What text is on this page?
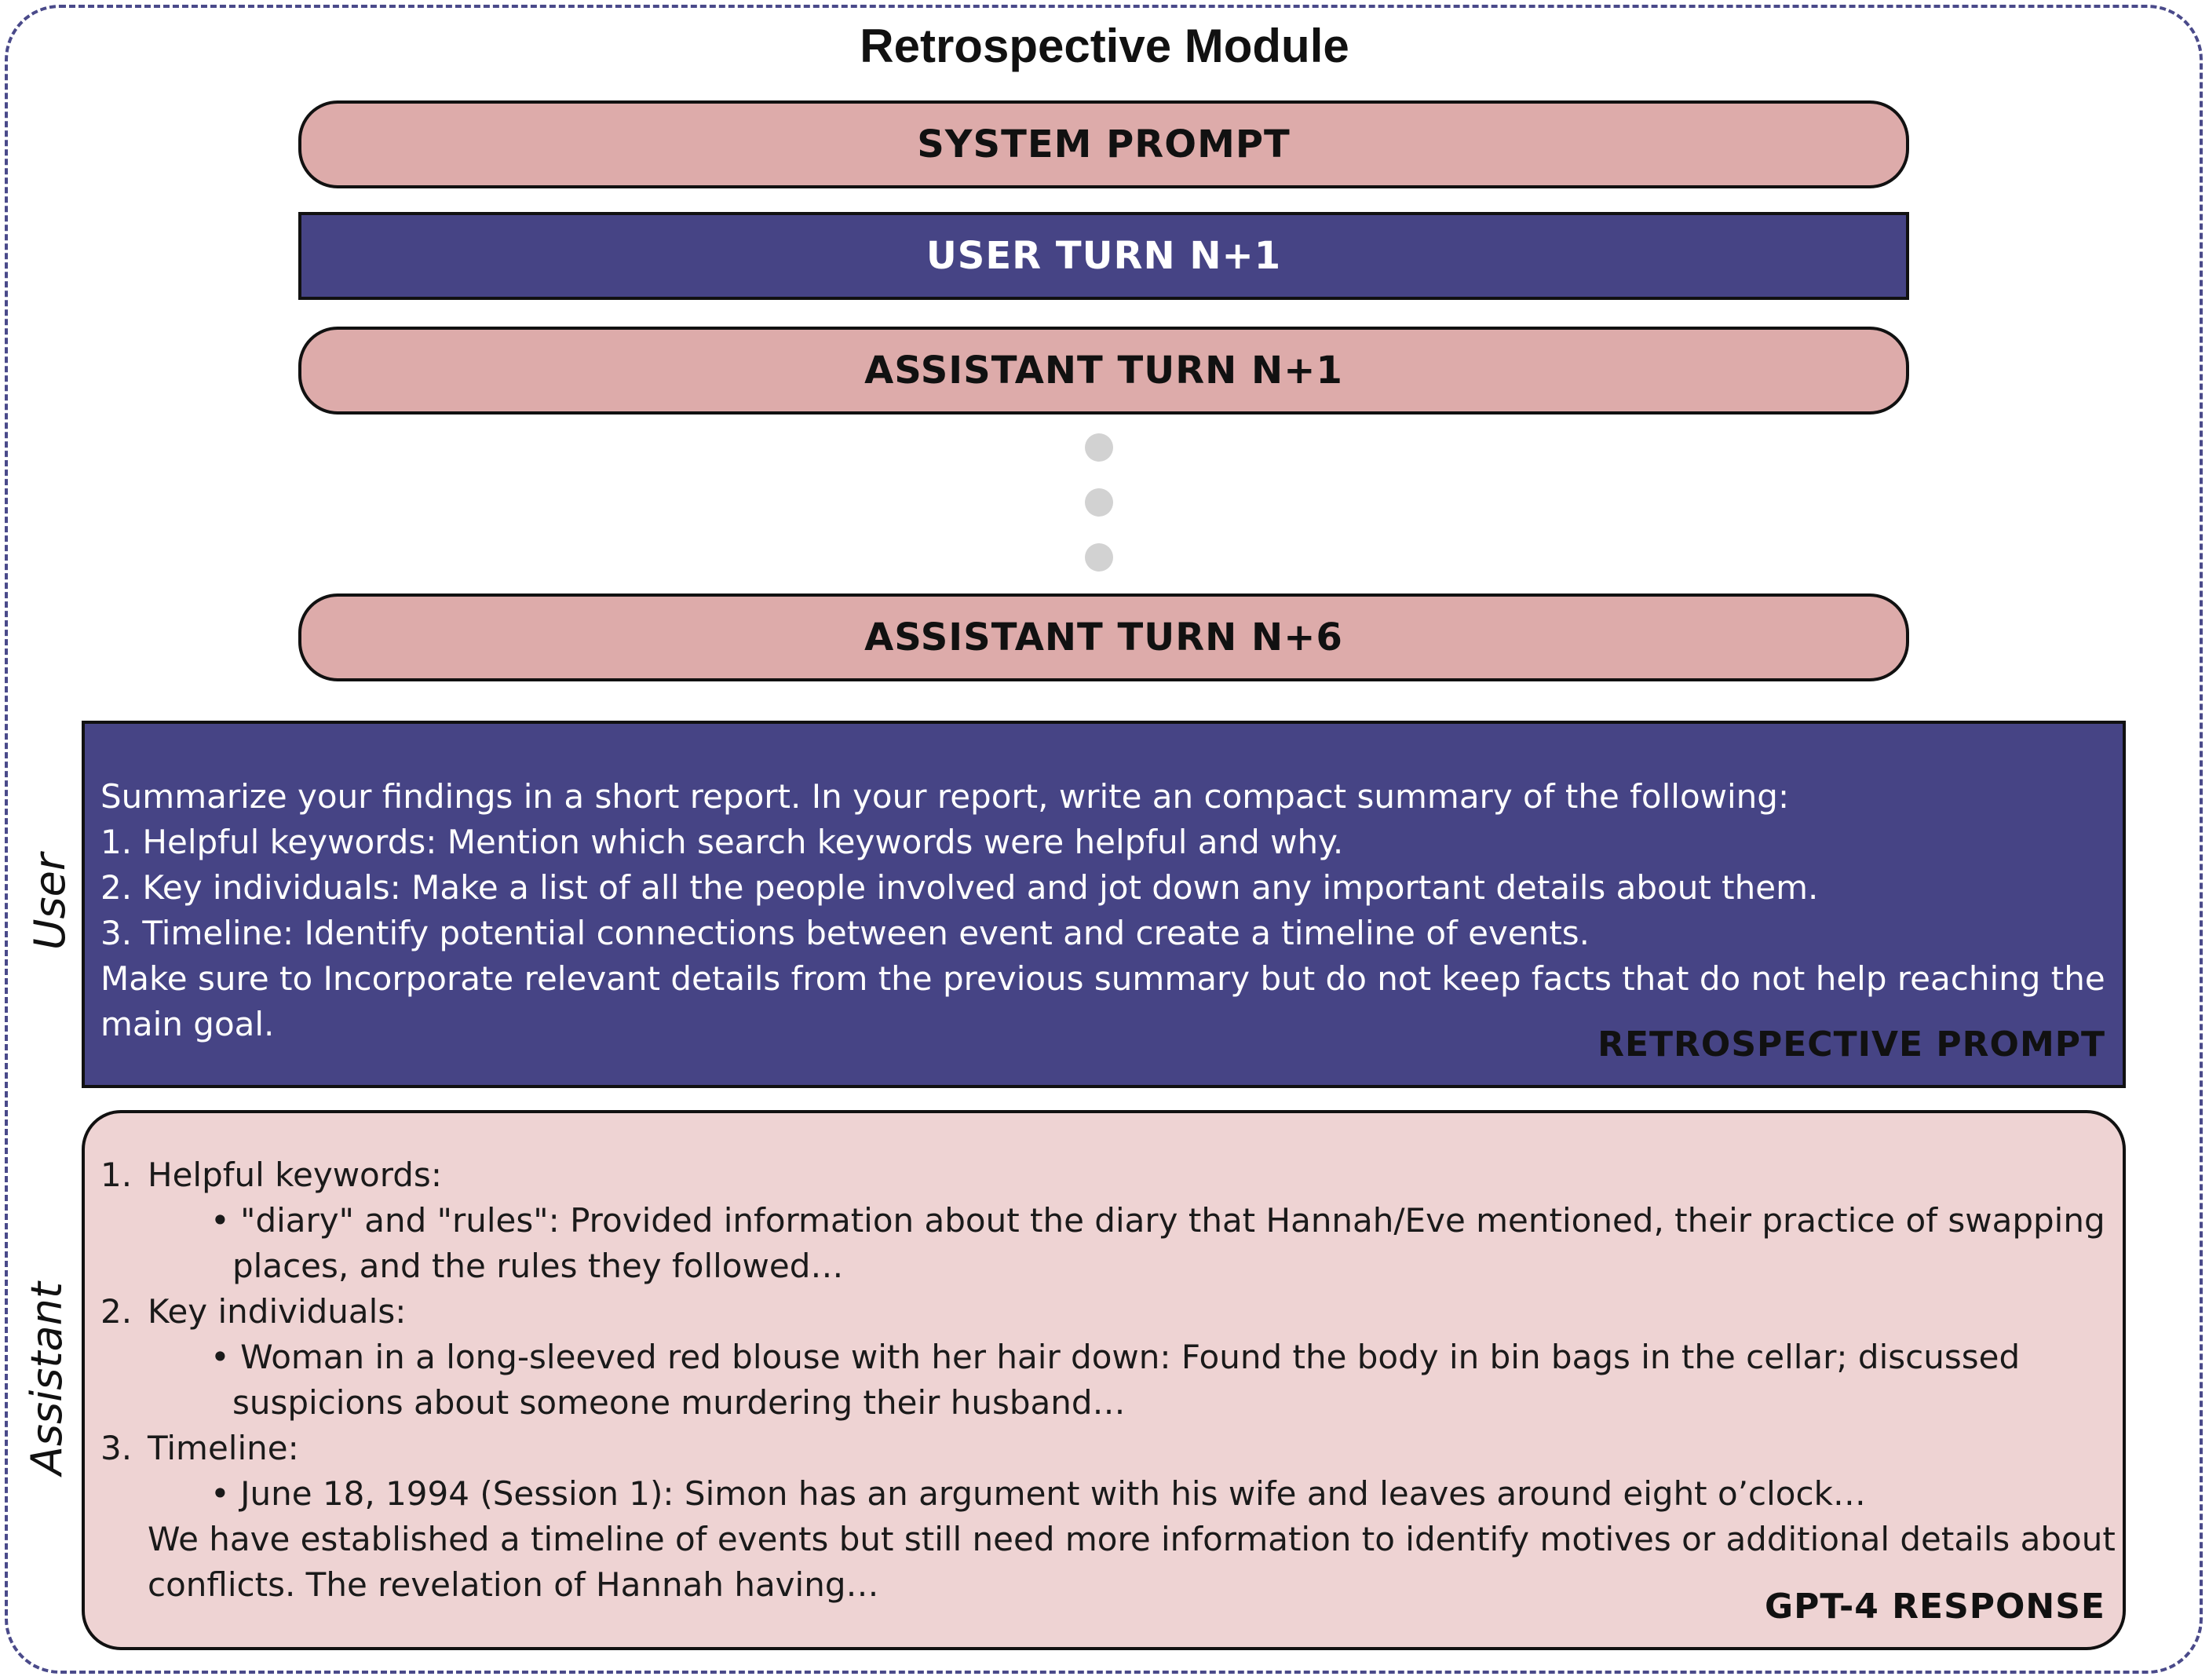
Retrospective Module
SYSTEM PROMPT
USER TURN N+1
ASSISTANT TURN N+1
ASSISTANT TURN N+6
User
Assistant
Summarize your findings in a short report. In your report, write an compact summary of the following:
1. Helpful keywords: Mention which search keywords were helpful and why.
2. Key individuals: Make a list of all the people involved and jot down any important details about them.
3. Timeline: Identify potential connections between event and create a timeline of events.
Make sure to Incorporate relevant details from the previous summary but do not keep facts that do not help reaching the
main goal.
RETROSPECTIVE PROMPT
1. Helpful keywords:
• "diary" and "rules": Provided information about the diary that Hannah/Eve mentioned, their practice of swapping
places, and the rules they followed…
2. Key individuals:
• Woman in a long-sleeved red blouse with her hair down: Found the body in bin bags in the cellar; discussed
suspicions about someone murdering their husband…
3. Timeline:
• June 18, 1994 (Session 1): Simon has an argument with his wife and leaves around eight o’clock…
We have established a timeline of events but still need more information to identify motives or additional details about
conflicts. The revelation of Hannah having…
GPT-4 RESPONSE
